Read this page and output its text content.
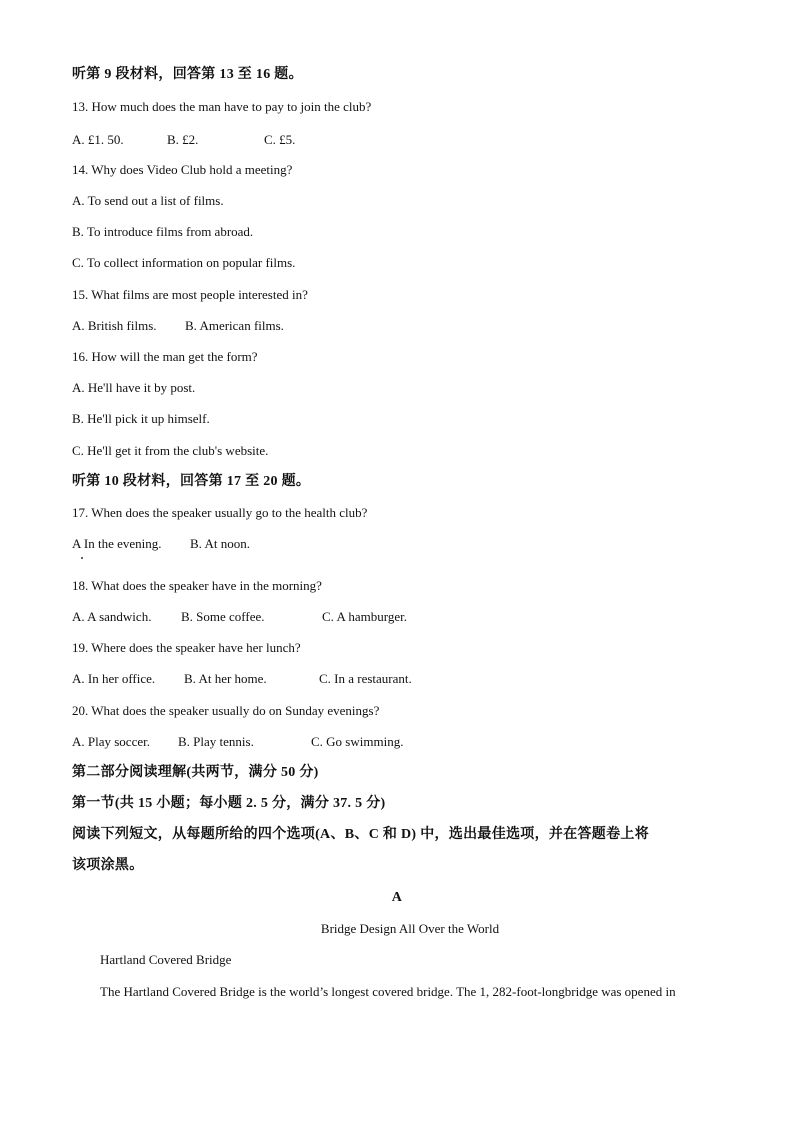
听第 9 段材料，回答第 13 至 16 题。
13. How much does the man have to pay to join the club?
A. £1. 50.	B. £2.	C. £5.
14. Why does Video Club hold a meeting?
A. To send out a list of films.
B. To introduce films from abroad.
C. To collect information on popular films.
15. What films are most people interested in?
A. British films. B. American films.
16. How will the man get the form?
A. He'll have it by post.
B. He'll pick it up himself.
C. He'll get it from the club's website.
听第 10 段材料，回答第 17 至 20 题。
17. When does the speaker usually go to the health club?
A In the evening. B. At noon.
18. What does the speaker have in the morning?
A. A sandwich. B. Some coffee.	C. A hamburger.
19. Where does the speaker have her lunch?
A. In her office. B. At her home.	C. In a restaurant.
20. What does the speaker usually do on Sunday evenings?
A. Play soccer. B. Play tennis.	C. Go swimming.
第二部分阅读理解(共两节，满分 50 分)
第一节(共 15 小题；每小题 2. 5 分，满分 37. 5 分)
阅读下列短文，从每题所给的四个选项(A、B、C 和 D) 中，选出最佳选项，并在答题卷上将
该项涂黑。
A
Bridge Design All Over the World
Hartland Covered Bridge
The Hartland Covered Bridge is the world’s longest covered bridge. The 1, 282-foot-longbridge was opened in
